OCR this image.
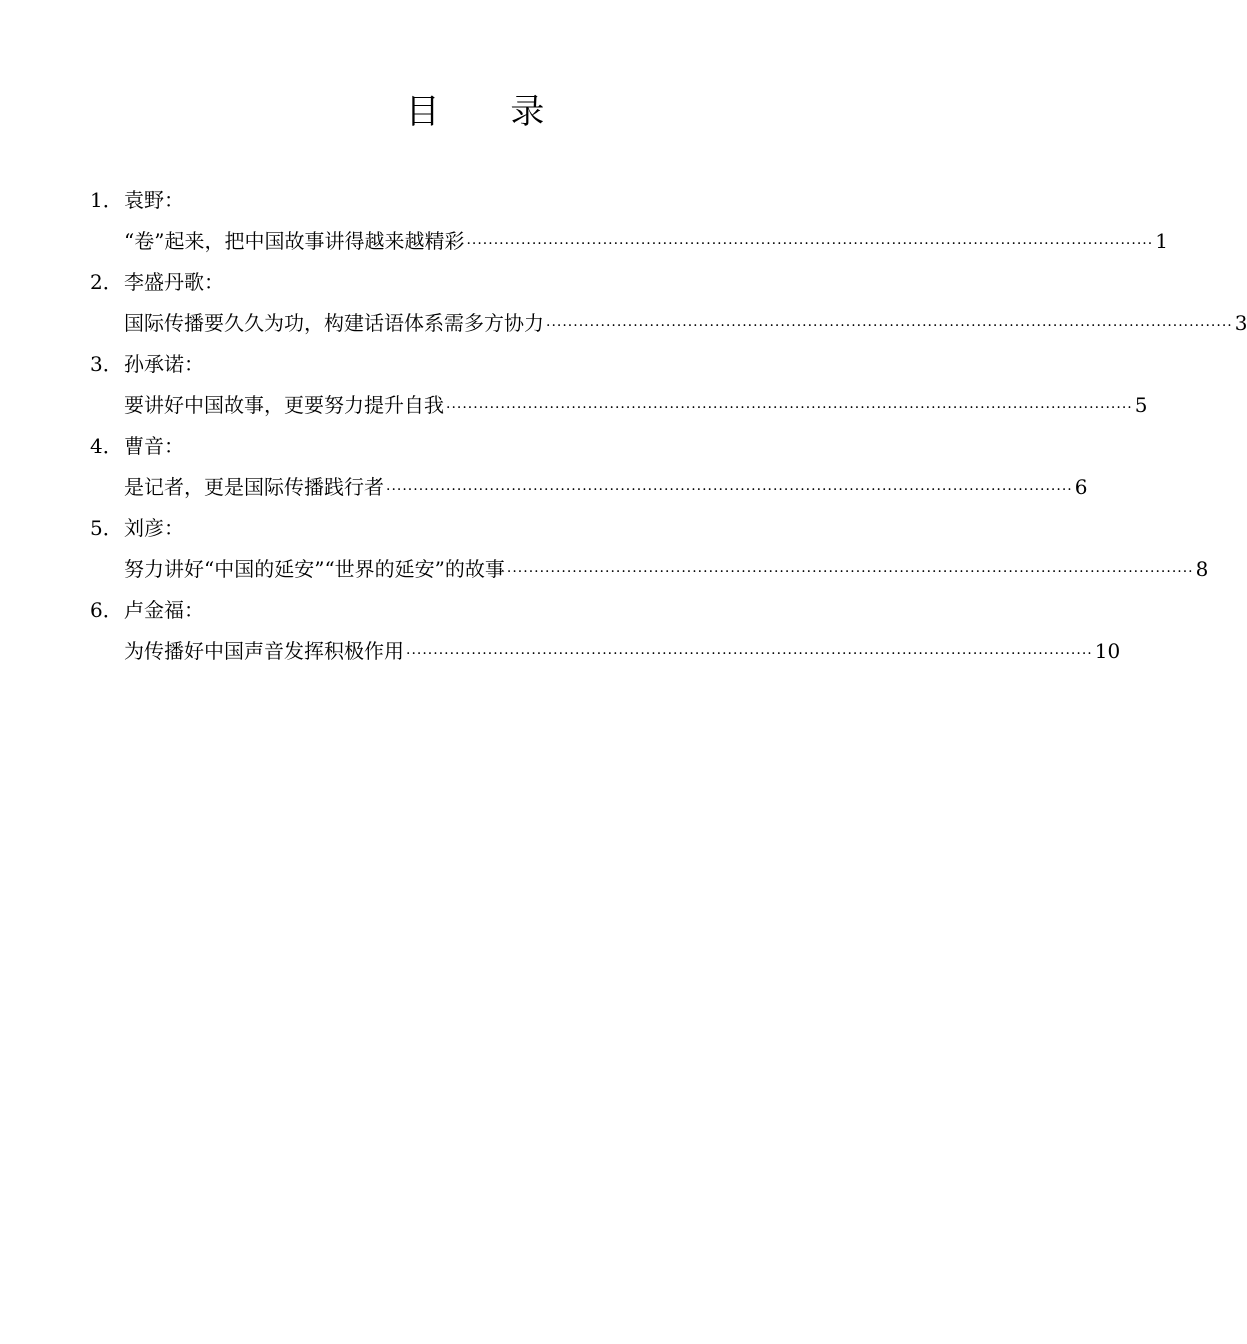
目 录
1．袁野：
“卷”起来，把中国故事讲得越来越精彩 ······························································································································ 1
2．李盛丹歌：
国际传播要久久为功，构建话语体系需多方协力 ······························································································································ 3
3．孙承诺：
要讲好中国故事，更要努力提升自我 ······························································································································ 5
4．曹音：
是记者，更是国际传播践行者 ······························································································································ 6
5．刘彦：
努力讲好“中国的延安”“世界的延安”的故事 ······························································································································ 8
6．卢金福：
为传播好中国声音发挥积极作用 ······························································································································ 10
